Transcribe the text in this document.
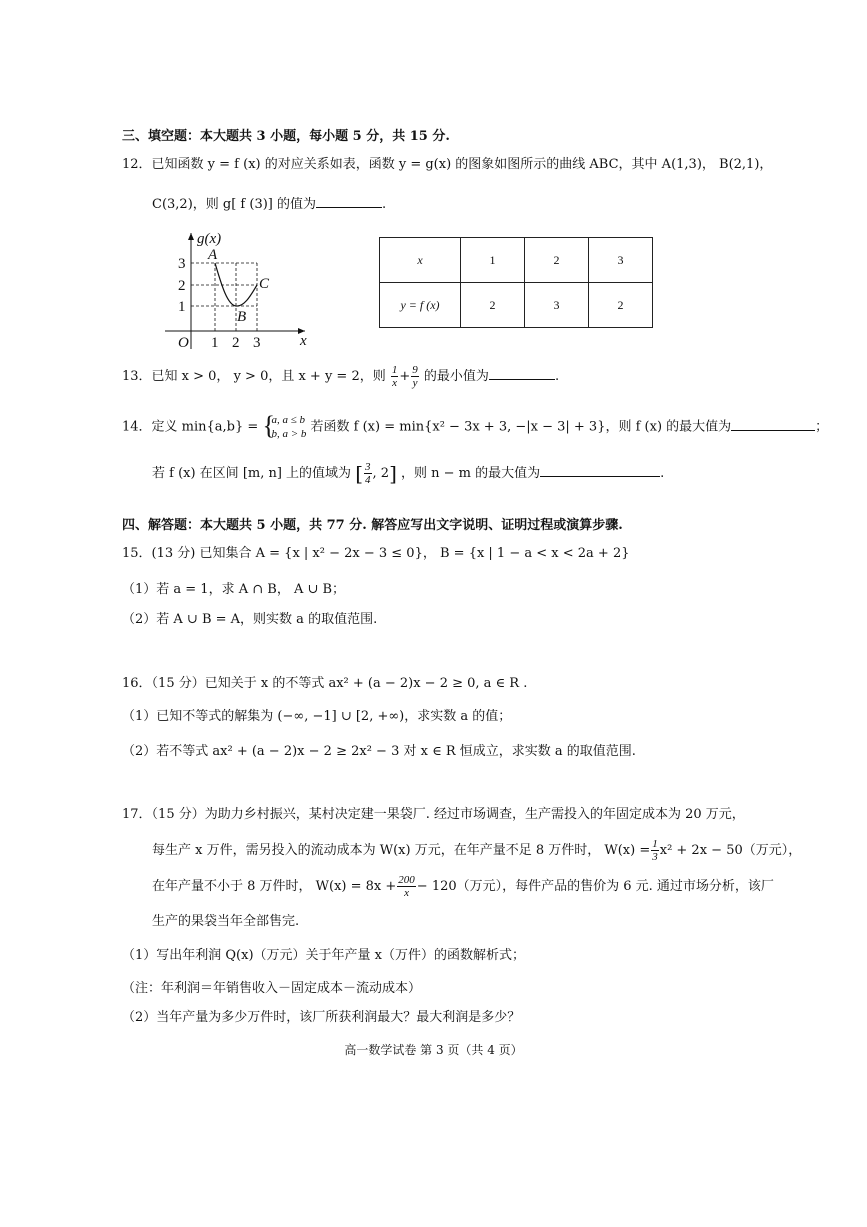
三、填空题：本大题共 3 小题，每小题 5 分，共 15 分.
12．已知函数 y = f (x) 的对应关系如表，函数 y = g(x) 的图象如图所示的曲线 ABC，其中 A(1,3)， B(2,1)，
C(3,2)，则 g[ f (3)] 的值为	.
g(x)
x
O
3
2
1
1 2 3
A
B
C
x	1	2	3
y = f (x)	2	3	2
13．已知 x > 0， y > 0，且 x + y = 2，则 $\frac{1}{x} + \frac{9}{y}$ 的最小值为	.
14．定义 min{a,b} = {
a, a ≤ b
b, a > b 若函数 f (x) = min{x² − 3x + 3, −|x − 3| + 3}，则 f (x) 的最大值为	；
若 f (x) 在区间 [m, n] 上的值域为 [ $\frac{3}{4}$ , 2] ，则 n − m 的最大值为	.
四、解答题：本大题共 5 小题，共 77 分. 解答应写出文字说明、证明过程或演算步骤.
15．(13 分) 已知集合 A = {x | x² − 2x − 3 ≤ 0}， B = {x | 1 − a < x < 2a + 2}
（1）若 a = 1，求 A ∩ B， A ∪ B；
（2）若 A ∪ B = A，则实数 a 的取值范围.
16．（15 分）已知关于 x 的不等式 ax² + (a − 2)x − 2 ≥ 0, a ∈ R .
（1）已知不等式的解集为 (−∞, −1] ∪ [2, +∞)，求实数 a 的值；
（2）若不等式 ax² + (a − 2)x − 2 ≥ 2x² − 3 对 x ∈ R 恒成立，求实数 a 的取值范围.
17．（15 分）为助力乡村振兴，某村决定建一果袋厂. 经过市场调查，生产需投入的年固定成本为 20 万元，
每生产 x 万件，需另投入的流动成本为 W(x) 万元，在年产量不足 8 万件时， $W(x) = \frac{1}{3} x^2 + 2x - 50$（万元），
在年产量不小于 8 万件时， $W(x) = 8x + \frac{200}{x} - 120$（万元），每件产品的售价为 6 元. 通过市场分析，该厂
生产的果袋当年全部售完.
（1）写出年利润 Q(x)（万元）关于年产量 x（万件）的函数解析式；
（注：年利润＝年销售收入－固定成本－流动成本）
（2）当年产量为多少万件时，该厂所获利润最大？最大利润是多少？
高一数学试卷 第 3 页（共 4 页）
